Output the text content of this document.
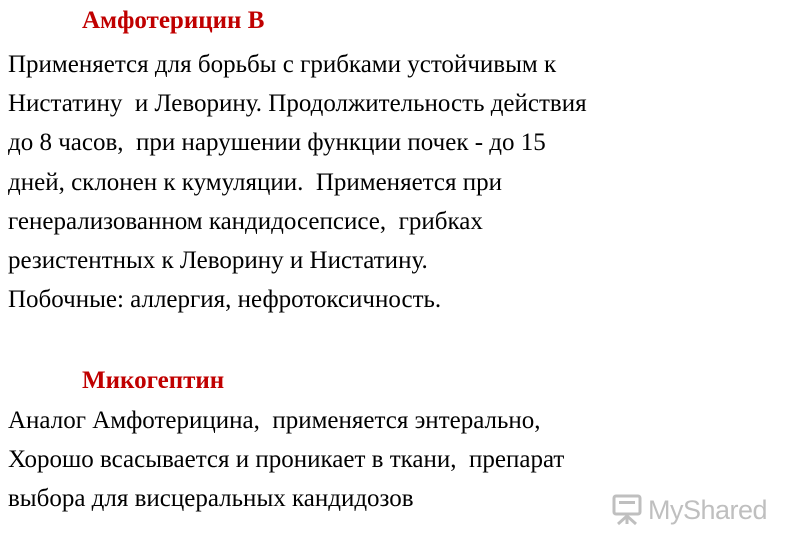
Амфотерицин В
Применяется для борьбы с грибками устойчивым к
Нистатину  и Леворину. Продолжительность действия
до 8 часов,  при нарушении функции почек - до 15
дней, склонен к кумуляции.  Применяется при
генерализованном кандидосепсисе,  грибках
резистентных к Леворину и Нистатину.
Побочные: аллергия, нефротоксичность.
Микогептин
Аналог Амфотерицина,  применяется энтерально,
Хорошо всасывается и проникает в ткани,  препарат
выбора для висцеральных кандидозов	MyShared
